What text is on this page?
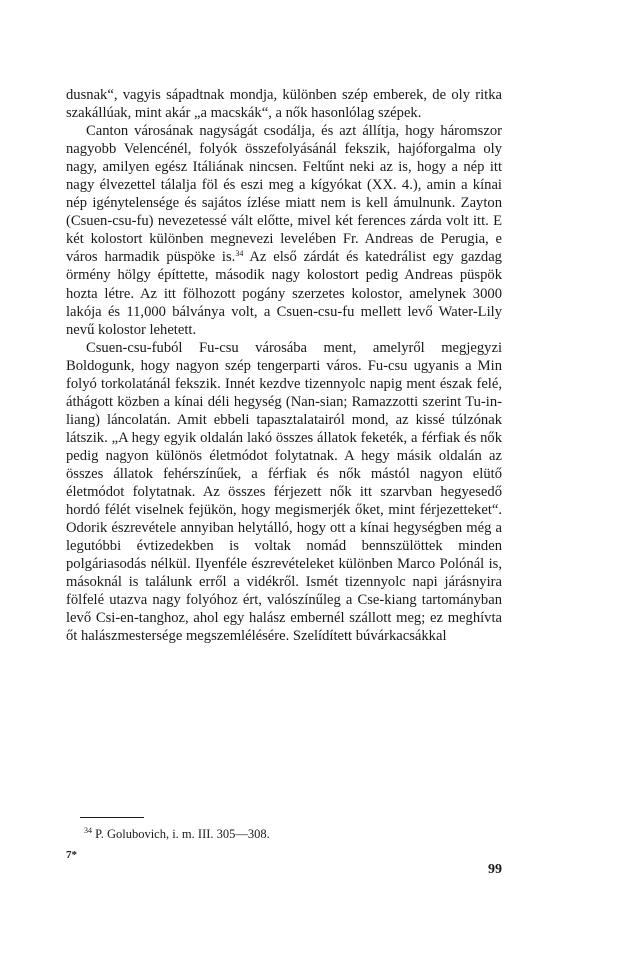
dusnak“, vagyis sápadtnak mondja, különben szép emberek, de oly ritka szakállúak, mint akár „a macskák“, a nők hasonlólag szépek.

Canton városának nagyságát csodálja, és azt állítja, hogy háromszor nagyobb Velencénél, folyók összefolyásánál fekszik, hajóforgalma oly nagy, amilyen egész Itáliának nincsen. Feltűnt neki az is, hogy a nép itt nagy élvezettel tálalja föl és eszi meg a kígyókat (XX. 4.), amin a kínai nép igénytelensége és sajátos ízlése miatt nem is kell ámulnunk. Zayton (Csuen-csu-fu) nevezetessé vált előtte, mivel két ferences zárda volt itt. E két kolostort különben megnevezi levelében Fr. Andreas de Perugia, e város harmadik püspöke is.$^{34}$ Az első zárdát és katedrálist egy gazdag örmény hölgy építtette, második nagy kolostort pedig Andreas püspök hozta létre. Az itt fölhozott pogány szerzetes kolostor, amelynek 3000 lakója és 11,000 bálványa volt, a Csuen-csu-fu mellett levő Water-Lily nevű kolostor lehetett.

Csuen-csu-fuból Fu-csu városába ment, amelyről megjegyzi Boldogunk, hogy nagyon szép tengerparti város. Fu-csu ugyanis a Min folyó torkolatánál fekszik. Innét kezdve tizennyolc napig ment észak felé, áthágott közben a kínai déli hegység (Nan-sian; Ramazzotti szerint Tu-in-liang) láncolatán. Amit ebbeli tapasztalatairól mond, az kissé túlzónak látszik. „A hegy egyik oldalán lakó összes állatok feketék, a férfiak és nők pedig nagyon különös életmódot folytatnak. A hegy másik oldalán az összes állatok fehérszínűek, a férfiak és nők mástól nagyon elütő életmódot folytatnak. Az összes férjezett nők itt szarvban hegyesedő hordó félét viselnek fejükön, hogy megismerjék őket, mint férjezetteket“. Odorik észrevétele annyiban helytálló, hogy ott a kínai hegységben még a legutóbbi évtizedekben is voltak nomád bennszülöttek minden polgáriasodás nélkül. Ilyenféle észrevételeket különben Marco Polónál is, másoknál is találunk erről a vidékről. Ismét tizennyolc napi járásnyira fölfelé utazva nagy folyóhoz ért, valószínűleg a Cse-kiang tartományban levő Csi-en-tanghoz, ahol egy halász embernél szállott meg; ez meghívta őt halászmestersége megszemlélésére. Szelídített búvárkacsákkal

$^{34}$ P. Golubovich, i. m. III. 305—308.
7*
99
